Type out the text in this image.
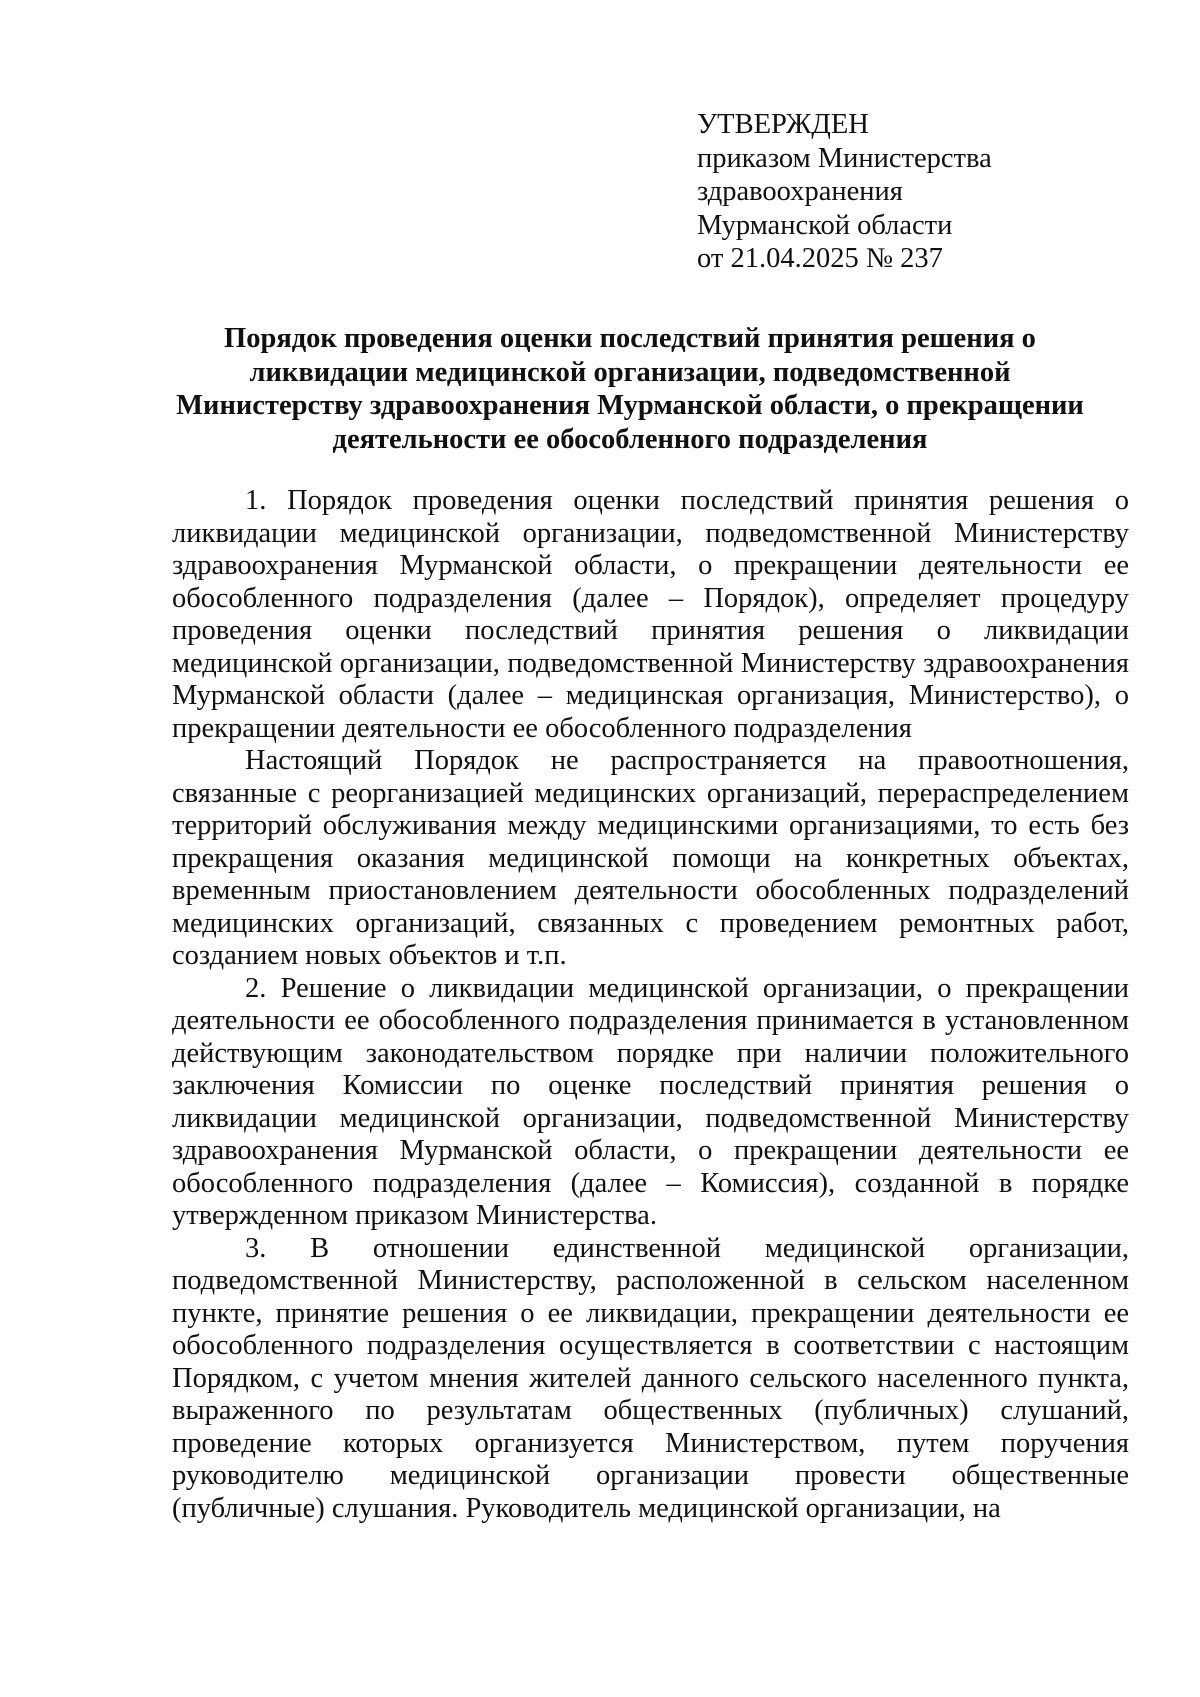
УТВЕРЖДЕН
приказом Министерства
здравоохранения
Мурманской области
от 21.04.2025 № 237
Порядок проведения оценки последствий принятия решения о
ликвидации медицинской организации, подведомственной
Министерству здравоохранения Мурманской области, о прекращении
деятельности ее обособленного подразделения

1. Порядок проведения оценки последствий принятия решения о ликвидации медицинской организации, подведомственной Министерству здравоохранения Мурманской области, о прекращении деятельности ее обособленного подразделения (далее – Порядок), определяет процедуру проведения оценки последствий принятия решения о ликвидации медицинской организации, подведомственной Министерству здравоохранения Мурманской области (далее – медицинская организация, Министерство), о прекращении деятельности ее обособленного подразделения

Настоящий Порядок не распространяется на правоотношения, связанные с реорганизацией медицинских организаций, перераспределением территорий обслуживания между медицинскими организациями, то есть без прекращения оказания медицинской помощи на конкретных объектах, временным приостановлением деятельности обособленных подразделений медицинских организаций, связанных с проведением ремонтных работ, созданием новых объектов и т.п.

2. Решение о ликвидации медицинской организации, о прекращении деятельности ее обособленного подразделения принимается в установленном действующим законодательством порядке при наличии положительного заключения Комиссии по оценке последствий принятия решения о ликвидации медицинской организации, подведомственной Министерству здравоохранения Мурманской области, о прекращении деятельности ее обособленного подразделения (далее – Комиссия), созданной в порядке утвержденном приказом Министерства.

3. В отношении единственной медицинской организации, подведомственной Министерству, расположенной в сельском населенном пункте, принятие решения о ее ликвидации, прекращении деятельности ее обособленного подразделения осуществляется в соответствии с настоящим Порядком, с учетом мнения жителей данного сельского населенного пункта, выраженного по результатам общественных (публичных) слушаний, проведение которых организуется Министерством, путем поручения руководителю медицинской организации провести общественные (публичные) слушания. Руководитель медицинской организации, на
